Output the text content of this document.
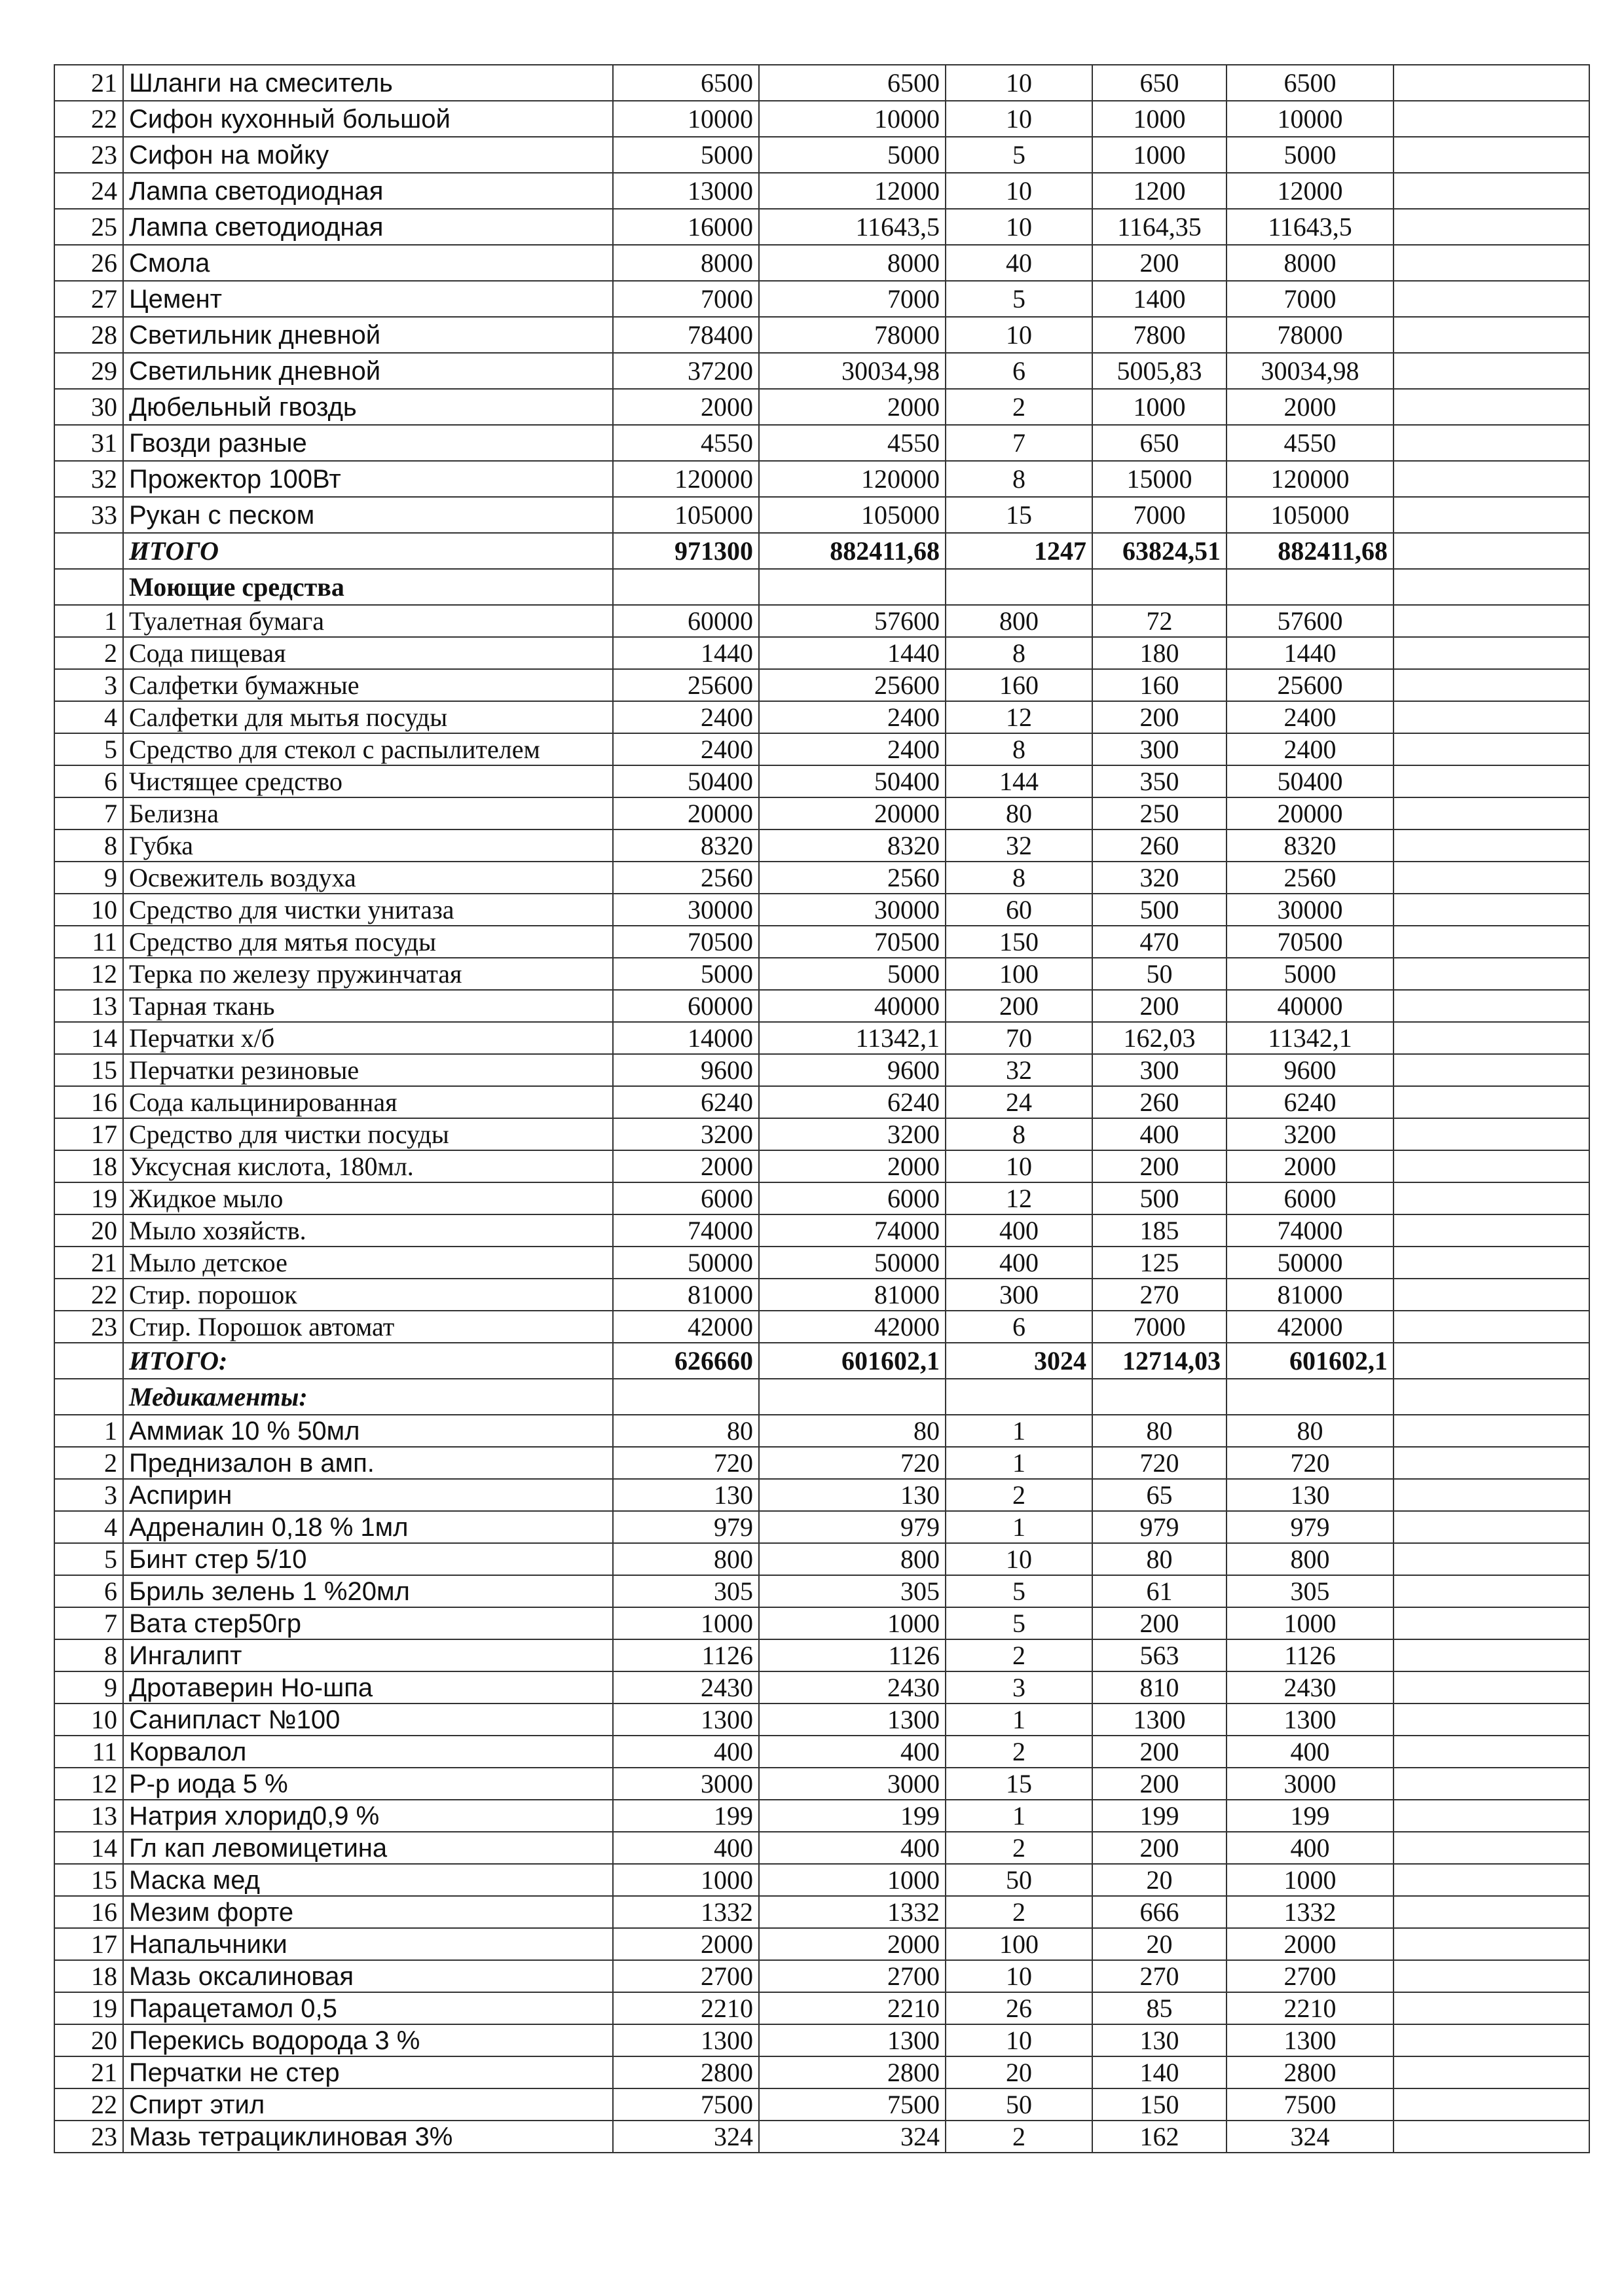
21	Шланги на смеситель	6500	6500	10	650	6500	
22	Сифон кухонный большой	10000	10000	10	1000	10000	
23	Сифон на мойку	5000	5000	5	1000	5000	
24	Лампа светодиодная	13000	12000	10	1200	12000	
25	Лампа светодиодная	16000	11643,5	10	1164,35	11643,5	
26	Смола	8000	8000	40	200	8000	
27	Цемент	7000	7000	5	1400	7000	
28	Светильник дневной	78400	78000	10	7800	78000	
29	Светильник дневной	37200	30034,98	6	5005,83	30034,98	
30	Дюбельный гвоздь	2000	2000	2	1000	2000	
31	Гвозди разные	4550	4550	7	650	4550	
32	Прожектор 100Вт	120000	120000	8	15000	120000	
33	Рукан с песком	105000	105000	15	7000	105000	
	ИТОГО	971300	882411,68	1247	63824,51	882411,68	
	Моющие средства						
1	Туалетная бумага	60000	57600	800	72	57600	
2	Сода пищевая	1440	1440	8	180	1440	
3	Салфетки бумажные	25600	25600	160	160	25600	
4	Салфетки для мытья посуды	2400	2400	12	200	2400	
5	Средство для стекол с распылителем	2400	2400	8	300	2400	
6	Чистящее средство	50400	50400	144	350	50400	
7	Белизна	20000	20000	80	250	20000	
8	Губка	8320	8320	32	260	8320	
9	Освежитель воздуха	2560	2560	8	320	2560	
10	Средство для чистки унитаза	30000	30000	60	500	30000	
11	Средство для мятья посуды	70500	70500	150	470	70500	
12	Терка по железу пружинчатая	5000	5000	100	50	5000	
13	Тарная ткань	60000	40000	200	200	40000	
14	Перчатки х/б	14000	11342,1	70	162,03	11342,1	
15	Перчатки резиновые	9600	9600	32	300	9600	
16	Сода кальцинированная	6240	6240	24	260	6240	
17	Средство для чистки посуды	3200	3200	8	400	3200	
18	Уксусная кислота, 180мл.	2000	2000	10	200	2000	
19	Жидкое мыло	6000	6000	12	500	6000	
20	Мыло хозяйств.	74000	74000	400	185	74000	
21	Мыло детское	50000	50000	400	125	50000	
22	Стир. порошок	81000	81000	300	270	81000	
23	Стир. Порошок автомат	42000	42000	6	7000	42000	
	ИТОГО:	626660	601602,1	3024	12714,03	601602,1	
	Медикаменты:						
1	Аммиак 10 % 50мл	80	80	1	80	80	
2	Преднизалон в амп.	720	720	1	720	720	
3	Аспирин	130	130	2	65	130	
4	Адреналин 0,18 % 1мл	979	979	1	979	979	
5	Бинт стер 5/10	800	800	10	80	800	
6	Бриль зелень 1 %20мл	305	305	5	61	305	
7	Вата стер50гр	1000	1000	5	200	1000	
8	Ингалипт	1126	1126	2	563	1126	
9	Дротаверин Но-шпа	2430	2430	3	810	2430	
10	Санипласт №100	1300	1300	1	1300	1300	
11	Корвалол	400	400	2	200	400	
12	Р-р иода 5 %	3000	3000	15	200	3000	
13	Натрия хлорид0,9 %	199	199	1	199	199	
14	Гл кап левомицетина	400	400	2	200	400	
15	Маска мед	1000	1000	50	20	1000	
16	Мезим форте	1332	1332	2	666	1332	
17	Напальчники	2000	2000	100	20	2000	
18	Мазь оксалиновая	2700	2700	10	270	2700	
19	Парацетамол 0,5	2210	2210	26	85	2210	
20	Перекись водорода 3 %	1300	1300	10	130	1300	
21	Перчатки не стер	2800	2800	20	140	2800	
22	Спирт этил	7500	7500	50	150	7500	
23	Мазь тетрациклиновая 3%	324	324	2	162	324	
